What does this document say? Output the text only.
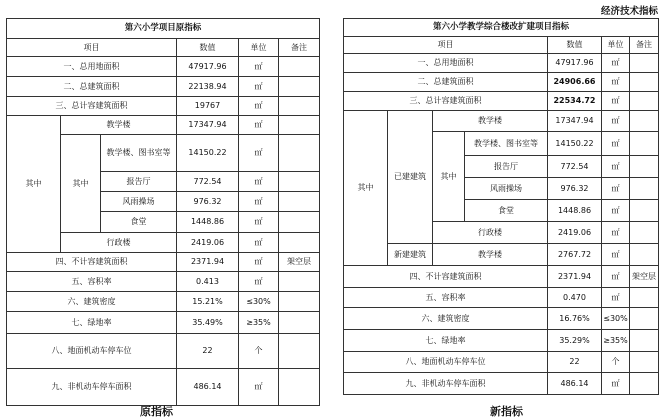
经济技术指标
第六小学项目原指标					
项目			数值	单位	备注
一、总用地面积			47917.96	㎡	
二、总建筑面积			22138.94	㎡	
三、总计容建筑面积			19767	㎡	
其中	教学楼		17347.94	㎡	
	其中	教学楼、图书室等	14150.22	㎡	
		报告厅	772.54	㎡	
		风雨操场	976.32	㎡	
		食堂	1448.86	㎡	
	行政楼		2419.06	㎡	
四、不计容建筑面积			2371.94	㎡	架空层
五、容积率			0.413	㎡	
六、建筑密度			15.21%	≤30%	
七、绿地率			35.49%	≥35%	
八、地面机动车停车位			22	个	
九、非机动车停车面积			486.14	㎡	
第六小学教学综合楼改扩建项目指标						
项目				数值	单位	备注
一、总用地面积				47917.96	㎡	
二、总建筑面积				24906.66	㎡	
三、总计容建筑面积				22534.72	㎡	
其中	已建建筑	教学楼		17347.94	㎡	
		其中	教学楼、图书室等	14150.22	㎡	
			报告厅	772.54	㎡	
			风雨操场	976.32	㎡	
			食堂	1448.86	㎡	
		行政楼		2419.06	㎡	
	新建建筑	教学楼		2767.72	㎡	
四、不计容建筑面积				2371.94	㎡	架空层
五、容积率				0.470	㎡	
六、建筑密度				16.76%	≤30%	
七、绿地率				35.29%	≥35%	
八、地面机动车停车位				22	个	
九、非机动车停车面积				486.14	㎡	
原指标	新指标
